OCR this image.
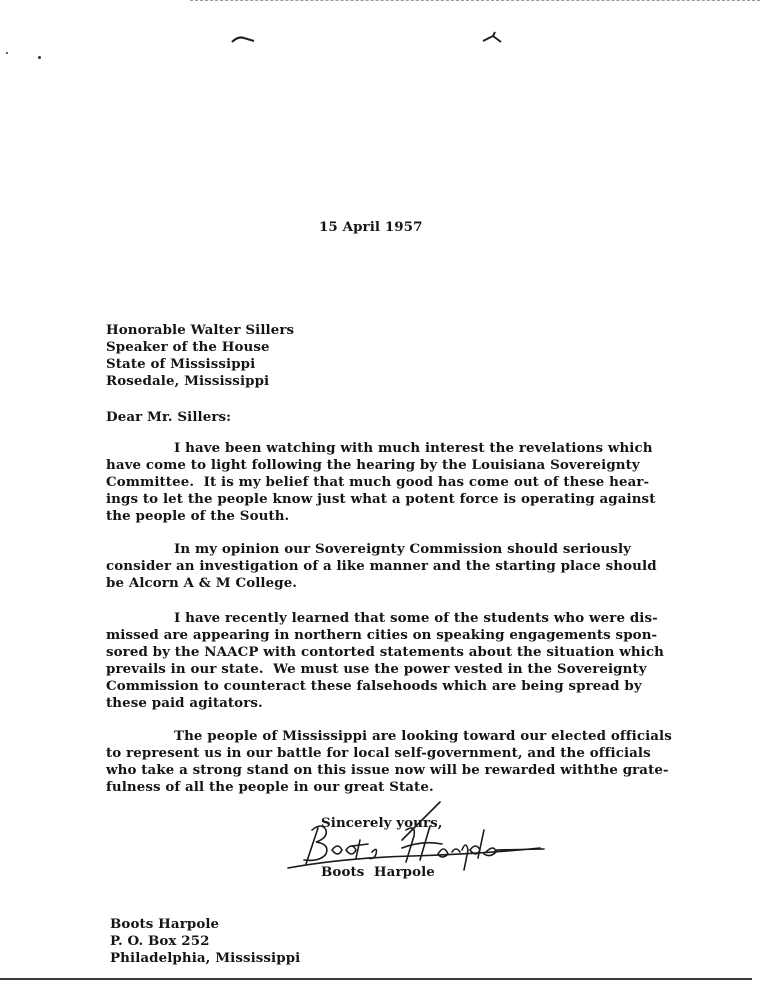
15 April 1957
Honorable Walter Sillers
Speaker of the House
State of Mississippi
Rosedale, Mississippi
Dear Mr. Sillers:
I have been watching with much interest the revelations which
have come to light following the hearing by the Louisiana Sovereignty
Committee.  It is my belief that much good has come out of these hear-
ings to let the people know just what a potent force is operating against
the people of the South.
In my opinion our Sovereignty Commission should seriously
consider an investigation of a like manner and the starting place should
be Alcorn A & M College.
I have recently learned that some of the students who were dis-
missed are appearing in northern cities on speaking engagements spon-
sored by the NAACP with contorted statements about the situation which
prevails in our state.  We must use the power vested in the Sovereignty
Commission to counteract these falsehoods which are being spread by
these paid agitators.
The people of Mississippi are looking toward our elected officials
to represent us in our battle for local self-government, and the officials
who take a strong stand on this issue now will be rewarded withthe grate-
fulness of all the people in our great State.
Sincerely yours,
Boots  Harpole
Boots Harpole
P. O. Box 252
Philadelphia, Mississippi
